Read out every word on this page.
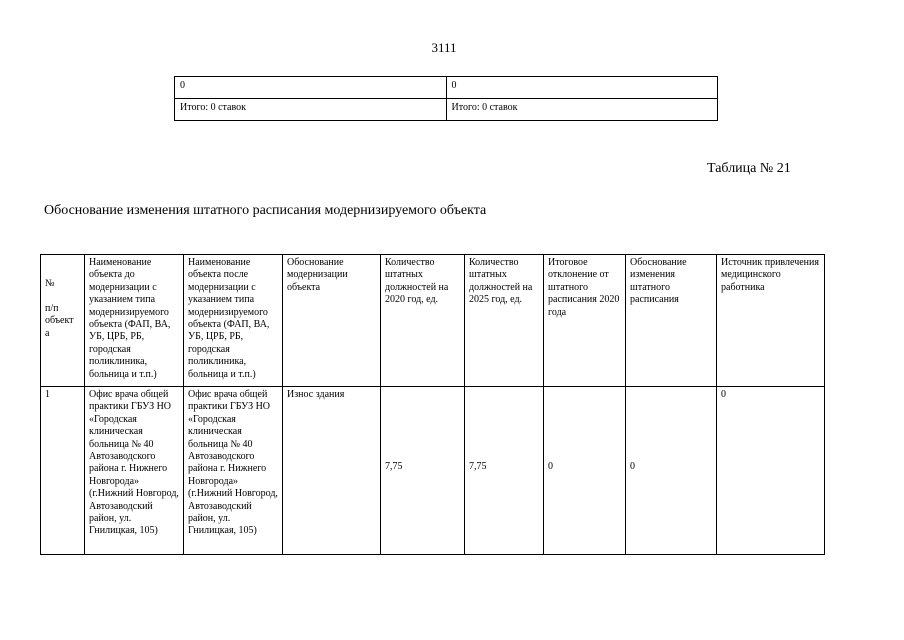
3111
0	0
Итого: 0 ставок	Итого: 0 ставок
Таблица № 21
Обоснование изменения штатного расписания модернизируемого объекта
№

п/п
объект
а	Наименование объекта до модернизации с указанием типа модернизируемого объекта (ФАП, ВА, УБ, ЦРБ, РБ, городская поликлиника, больница и т.п.)	Наименование объекта после модернизации с указанием типа модернизируемого объекта (ФАП, ВА, УБ, ЦРБ, РБ, городская поликлиника, больница и т.п.)	Обоснование модернизации объекта	Количество штатных должностей на 2020 год, ед.	Количество штатных должностей на 2025 год, ед.	Итоговое отклонение от штатного расписания 2020 года	Обоснование изменения штатного расписания	Источник привлечения медицинского работника
1	Офис врача общей практики ГБУЗ НО «Городская клиническая больница № 40 Автозаводского района г. Нижнего Новгорода» (г.Нижний Новгород, Автозаводский район, ул. Гнилицкая, 105)	Офис врача общей практики ГБУЗ НО «Городская клиническая больница № 40 Автозаводского района г. Нижнего Новгорода» (г.Нижний Новгород, Автозаводский район, ул. Гнилицкая, 105)	Износ здания	7,75	7,75	0	0	0
